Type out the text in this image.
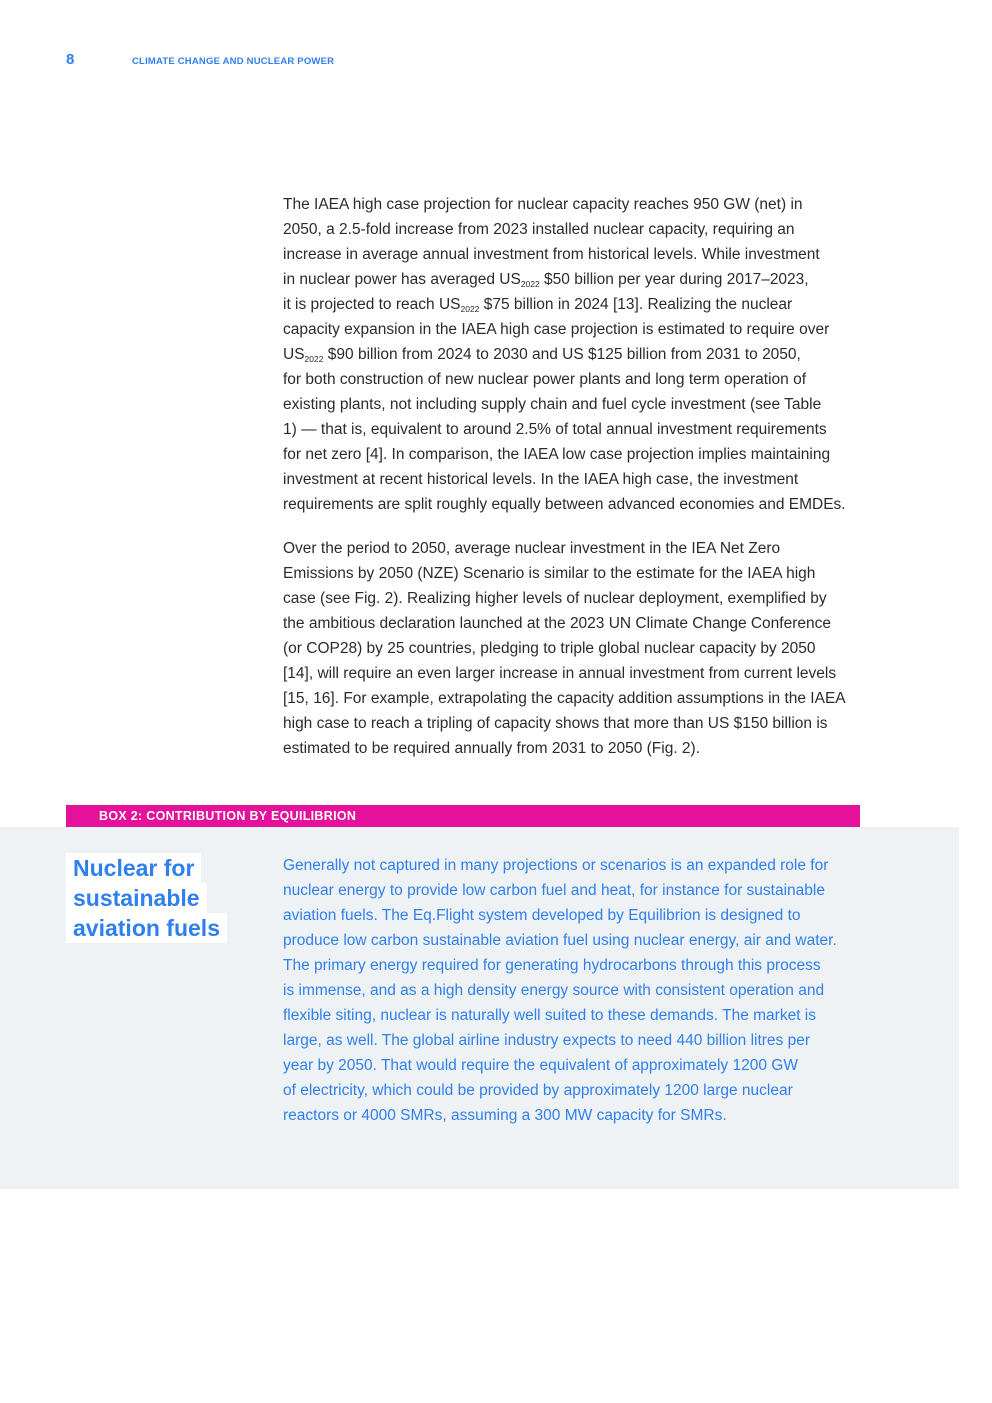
8	CLIMATE CHANGE AND NUCLEAR POWER

The IAEA high case projection for nuclear capacity reaches 950 GW (net) in
2050, a 2.5-fold increase from 2023 installed nuclear capacity, requiring an
increase in average annual investment from historical levels. While investment
in nuclear power has averaged $US_{2022}$ $50 billion per year during 2017–2023,
it is projected to reach $US_{2022}$ $75 billion in 2024 [13]. Realizing the nuclear
capacity expansion in the IAEA high case projection is estimated to require over
$US_{2022}$ $90 billion from 2024 to 2030 and US $125 billion from 2031 to 2050,
for both construction of new nuclear power plants and long term operation of
existing plants, not including supply chain and fuel cycle investment (see Table
1) — that is, equivalent to around 2.5% of total annual investment requirements
for net zero [4]. In comparison, the IAEA low case projection implies maintaining
investment at recent historical levels. In the IAEA high case, the investment
requirements are split roughly equally between advanced economies and EMDEs.

Over the period to 2050, average nuclear investment in the IEA Net Zero
Emissions by 2050 (NZE) Scenario is similar to the estimate for the IAEA high
case (see Fig. 2). Realizing higher levels of nuclear deployment, exemplified by
the ambitious declaration launched at the 2023 UN Climate Change Conference
(or COP28) by 25 countries, pledging to triple global nuclear capacity by 2050
[14], will require an even larger increase in annual investment from current levels
[15, 16]. For example, extrapolating the capacity addition assumptions in the IAEA
high case to reach a tripling of capacity shows that more than US $150 billion is
estimated to be required annually from 2031 to 2050 (Fig. 2).

BOX 2: CONTRIBUTION BY EQUILIBRION
Nuclear for
sustainable
aviation fuels
Generally not captured in many projections or scenarios is an expanded role for
nuclear energy to provide low carbon fuel and heat, for instance for sustainable
aviation fuels. The Eq.Flight system developed by Equilibrion is designed to
produce low carbon sustainable aviation fuel using nuclear energy, air and water.
The primary energy required for generating hydrocarbons through this process
is immense, and as a high density energy source with consistent operation and
flexible siting, nuclear is naturally well suited to these demands. The market is
large, as well. The global airline industry expects to need 440 billion litres per
year by 2050. That would require the equivalent of approximately 1200 GW
of electricity, which could be provided by approximately 1200 large nuclear
reactors or 4000 SMRs, assuming a 300 MW capacity for SMRs.
